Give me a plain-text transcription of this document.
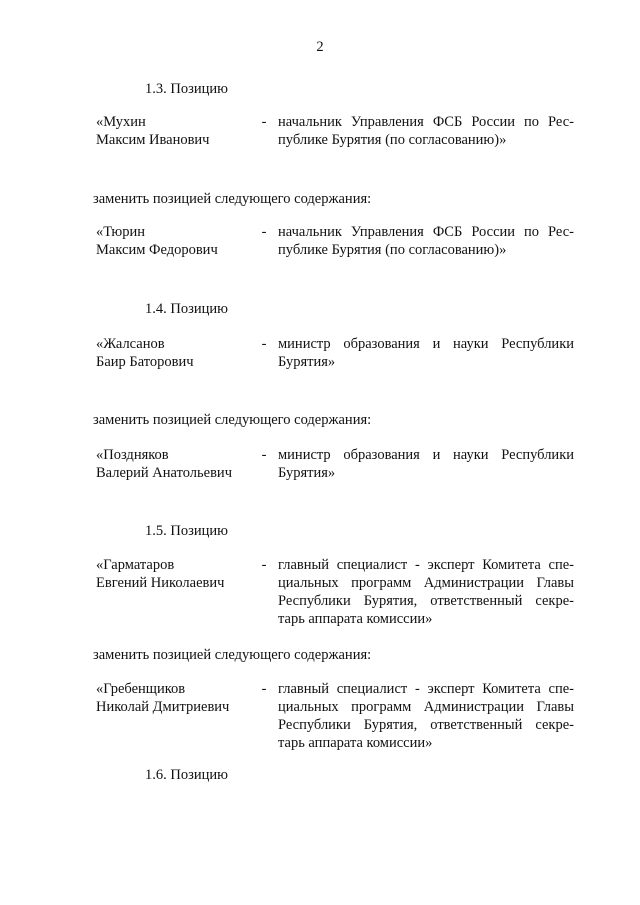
2
1.3. Позицию
«Мухин
Максим Иванович
- начальник Управления ФСБ России по Рес-
публике Бурятия (по согласованию)»
заменить позицией следующего содержания:
«Тюрин
Максим Федорович
- начальник Управления ФСБ России по Рес-
публике Бурятия (по согласованию)»
1.4. Позицию
«Жалсанов
Баир Баторович
- министр образования и науки Республики
Бурятия»
заменить позицией следующего содержания:
«Поздняков
Валерий Анатольевич
- министр образования и науки Республики
Бурятия»
1.5. Позицию
«Гарматаров
Евгений Николаевич
- главный специалист - эксперт Комитета спе-
циальных программ Администрации Главы
Республики Бурятия, ответственный секре-
тарь аппарата комиссии»
заменить позицией следующего содержания:
«Гребенщиков
Николай Дмитриевич
- главный специалист - эксперт Комитета спе-
циальных программ Администрации Главы
Республики Бурятия, ответственный секре-
тарь аппарата комиссии»
1.6. Позицию
